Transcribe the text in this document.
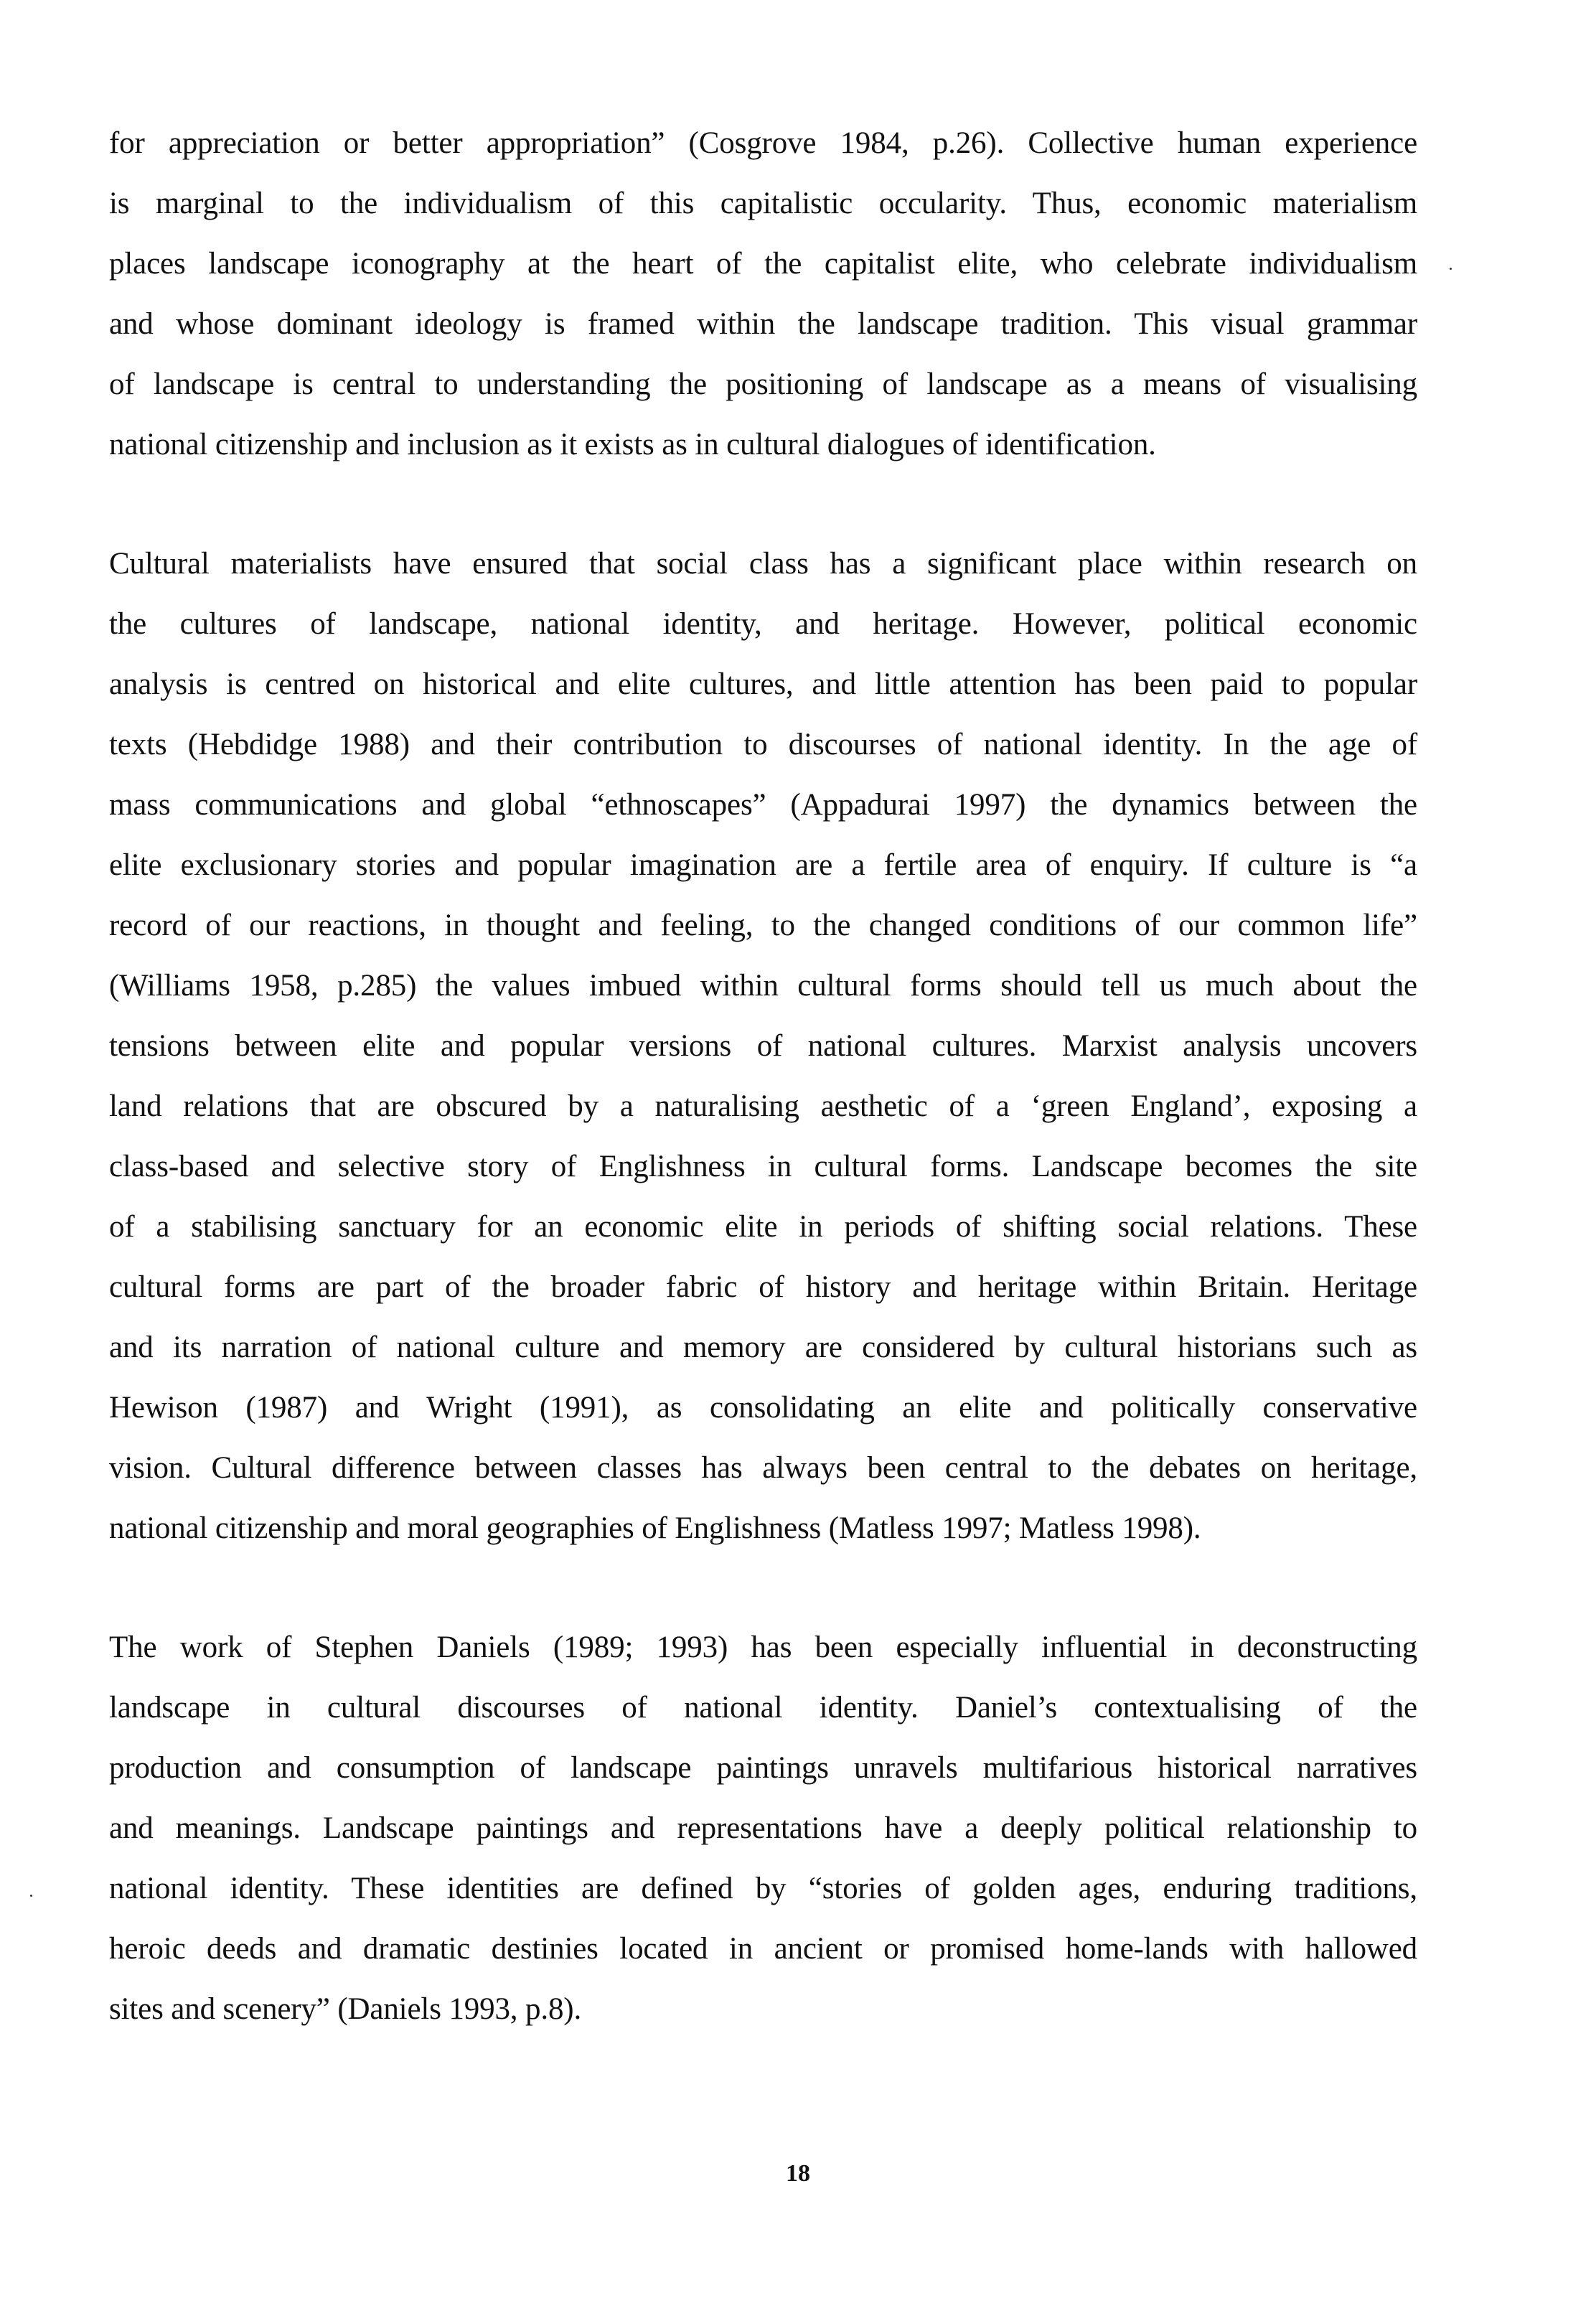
for appreciation or better appropriation” (Cosgrove 1984, p.26). Collective human experience
is marginal to the individualism of this capitalistic occularity. Thus, economic materialism
places landscape iconography at the heart of the capitalist elite, who celebrate individualism
and whose dominant ideology is framed within the landscape tradition. This visual grammar
of landscape is central to understanding the positioning of landscape as a means of visualising
national citizenship and inclusion as it exists as in cultural dialogues of identification.
Cultural materialists have ensured that social class has a significant place within research on
the cultures of landscape, national identity, and heritage. However, political economic
analysis is centred on historical and elite cultures, and little attention has been paid to popular
texts (Hebdidge 1988) and their contribution to discourses of national identity. In the age of
mass communications and global “ethnoscapes” (Appadurai 1997) the dynamics between the
elite exclusionary stories and popular imagination are a fertile area of enquiry. If culture is “a
record of our reactions, in thought and feeling, to the changed conditions of our common life”
(Williams 1958, p.285) the values imbued within cultural forms should tell us much about the
tensions between elite and popular versions of national cultures. Marxist analysis uncovers
land relations that are obscured by a naturalising aesthetic of a ‘green England’, exposing a
class-based and selective story of Englishness in cultural forms. Landscape becomes the site
of a stabilising sanctuary for an economic elite in periods of shifting social relations. These
cultural forms are part of the broader fabric of history and heritage within Britain. Heritage
and its narration of national culture and memory are considered by cultural historians such as
Hewison (1987) and Wright (1991), as consolidating an elite and politically conservative
vision. Cultural difference between classes has always been central to the debates on heritage,
national citizenship and moral geographies of Englishness (Matless 1997; Matless 1998).
The work of Stephen Daniels (1989; 1993) has been especially influential in deconstructing
landscape in cultural discourses of national identity. Daniel’s contextualising of the
production and consumption of landscape paintings unravels multifarious historical narratives
and meanings. Landscape paintings and representations have a deeply political relationship to
national identity. These identities are defined by “stories of golden ages, enduring traditions,
heroic deeds and dramatic destinies located in ancient or promised home-lands with hallowed
sites and scenery” (Daniels 1993, p.8).
18
